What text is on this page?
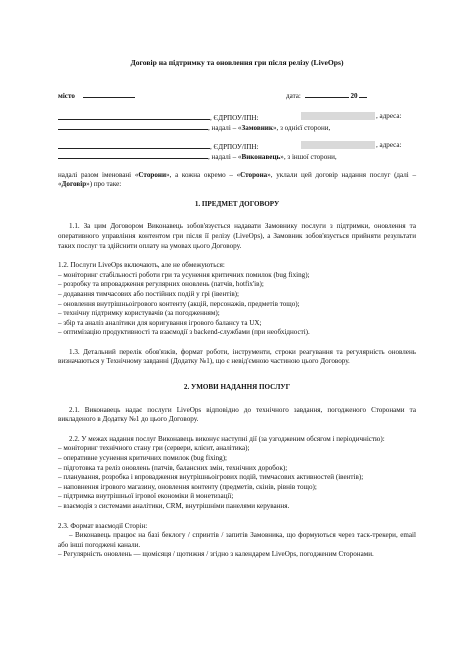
Договір на підтримку та оновлення гри після релізу (LiveOps)
місто	дата:	20
, ЄДРПОУ/ІПН:	, адреса:
, надалі – «Замовник», з однієї сторони,
, ЄДРПОУ/ІПН:	, адреса:
, надалі – «Виконавець», з іншої сторони,

надалі разом іменовані «Сторони», а кожна окремо – «Сторона», уклали цей договір надання послуг (далі – «Договір») про таке:

1. ПРЕДМЕТ ДОГОВОРУ

1.1. За цим Договором Виконавець зобов'язується надавати Замовнику послуги з підтримки, оновлення та оперативного управління контентом гри після її релізу (LiveOps), а Замовник зобов'язується прийняти результати таких послуг та здійснити оплату на умовах цього Договору.

1.2. Послуги LiveOps включають, але не обмежуються:

– моніторинг стабільності роботи гри та усунення критичних помилок (bug fixing);

– розробку та впровадження регулярних оновлень (патчів, hotfix'ів);

– додавання тимчасових або постійних подій у грі (івентів);

– оновлення внутрішньоігрового контенту (акцій, персонажів, предметів тощо);

– технічну підтримку користувачів (за погодженням);

– збір та аналіз аналітики для коригування ігрового балансу та UX;

– оптимізацію продуктивності та взаємодії з backend-службами (при необхідності).

1.3. Детальний перелік обов'язків, формат роботи, інструменти, строки реагування та регулярність оновлень визначаються у Технічному завданні (Додатку №1), що є невід'ємною частиною цього Договору.

2. УМОВИ НАДАННЯ ПОСЛУГ

2.1. Виконавець надає послуги LiveOps відповідно до технічного завдання, погодженого Сторонами та викладеного в Додатку №1 до цього Договору.

2.2. У межах надання послуг Виконавець виконує наступні дії (за узгодженим обсягом і періодичністю):

– моніторинг технічного стану гри (сервери, клієнт, аналітика);

– оперативне усунення критичних помилок (bug fixing);

– підготовка та реліз оновлень (патчів, балансних змін, технічних доробок);

– планування, розробка і впровадження внутрішньоігрових подій, тимчасових активностей (івентів);

– наповнення ігрового магазину, оновлення контенту (предметів, скінів, рівнів тощо);

– підтримка внутрішньої ігрової економіки й монетизації;

– взаємодія з системами аналітики, CRM, внутрішніми панелями керування.

2.3. Формат взаємодії Сторін:

– Виконавець працює на базі беклогу / спринтів / запитів Замовника, що формуються через таск-трекери, email або інші погоджені канали.

– Регулярність оновлень — щомісяця / щотижня / згідно з календарем LiveOps, погодженим Сторонами.
